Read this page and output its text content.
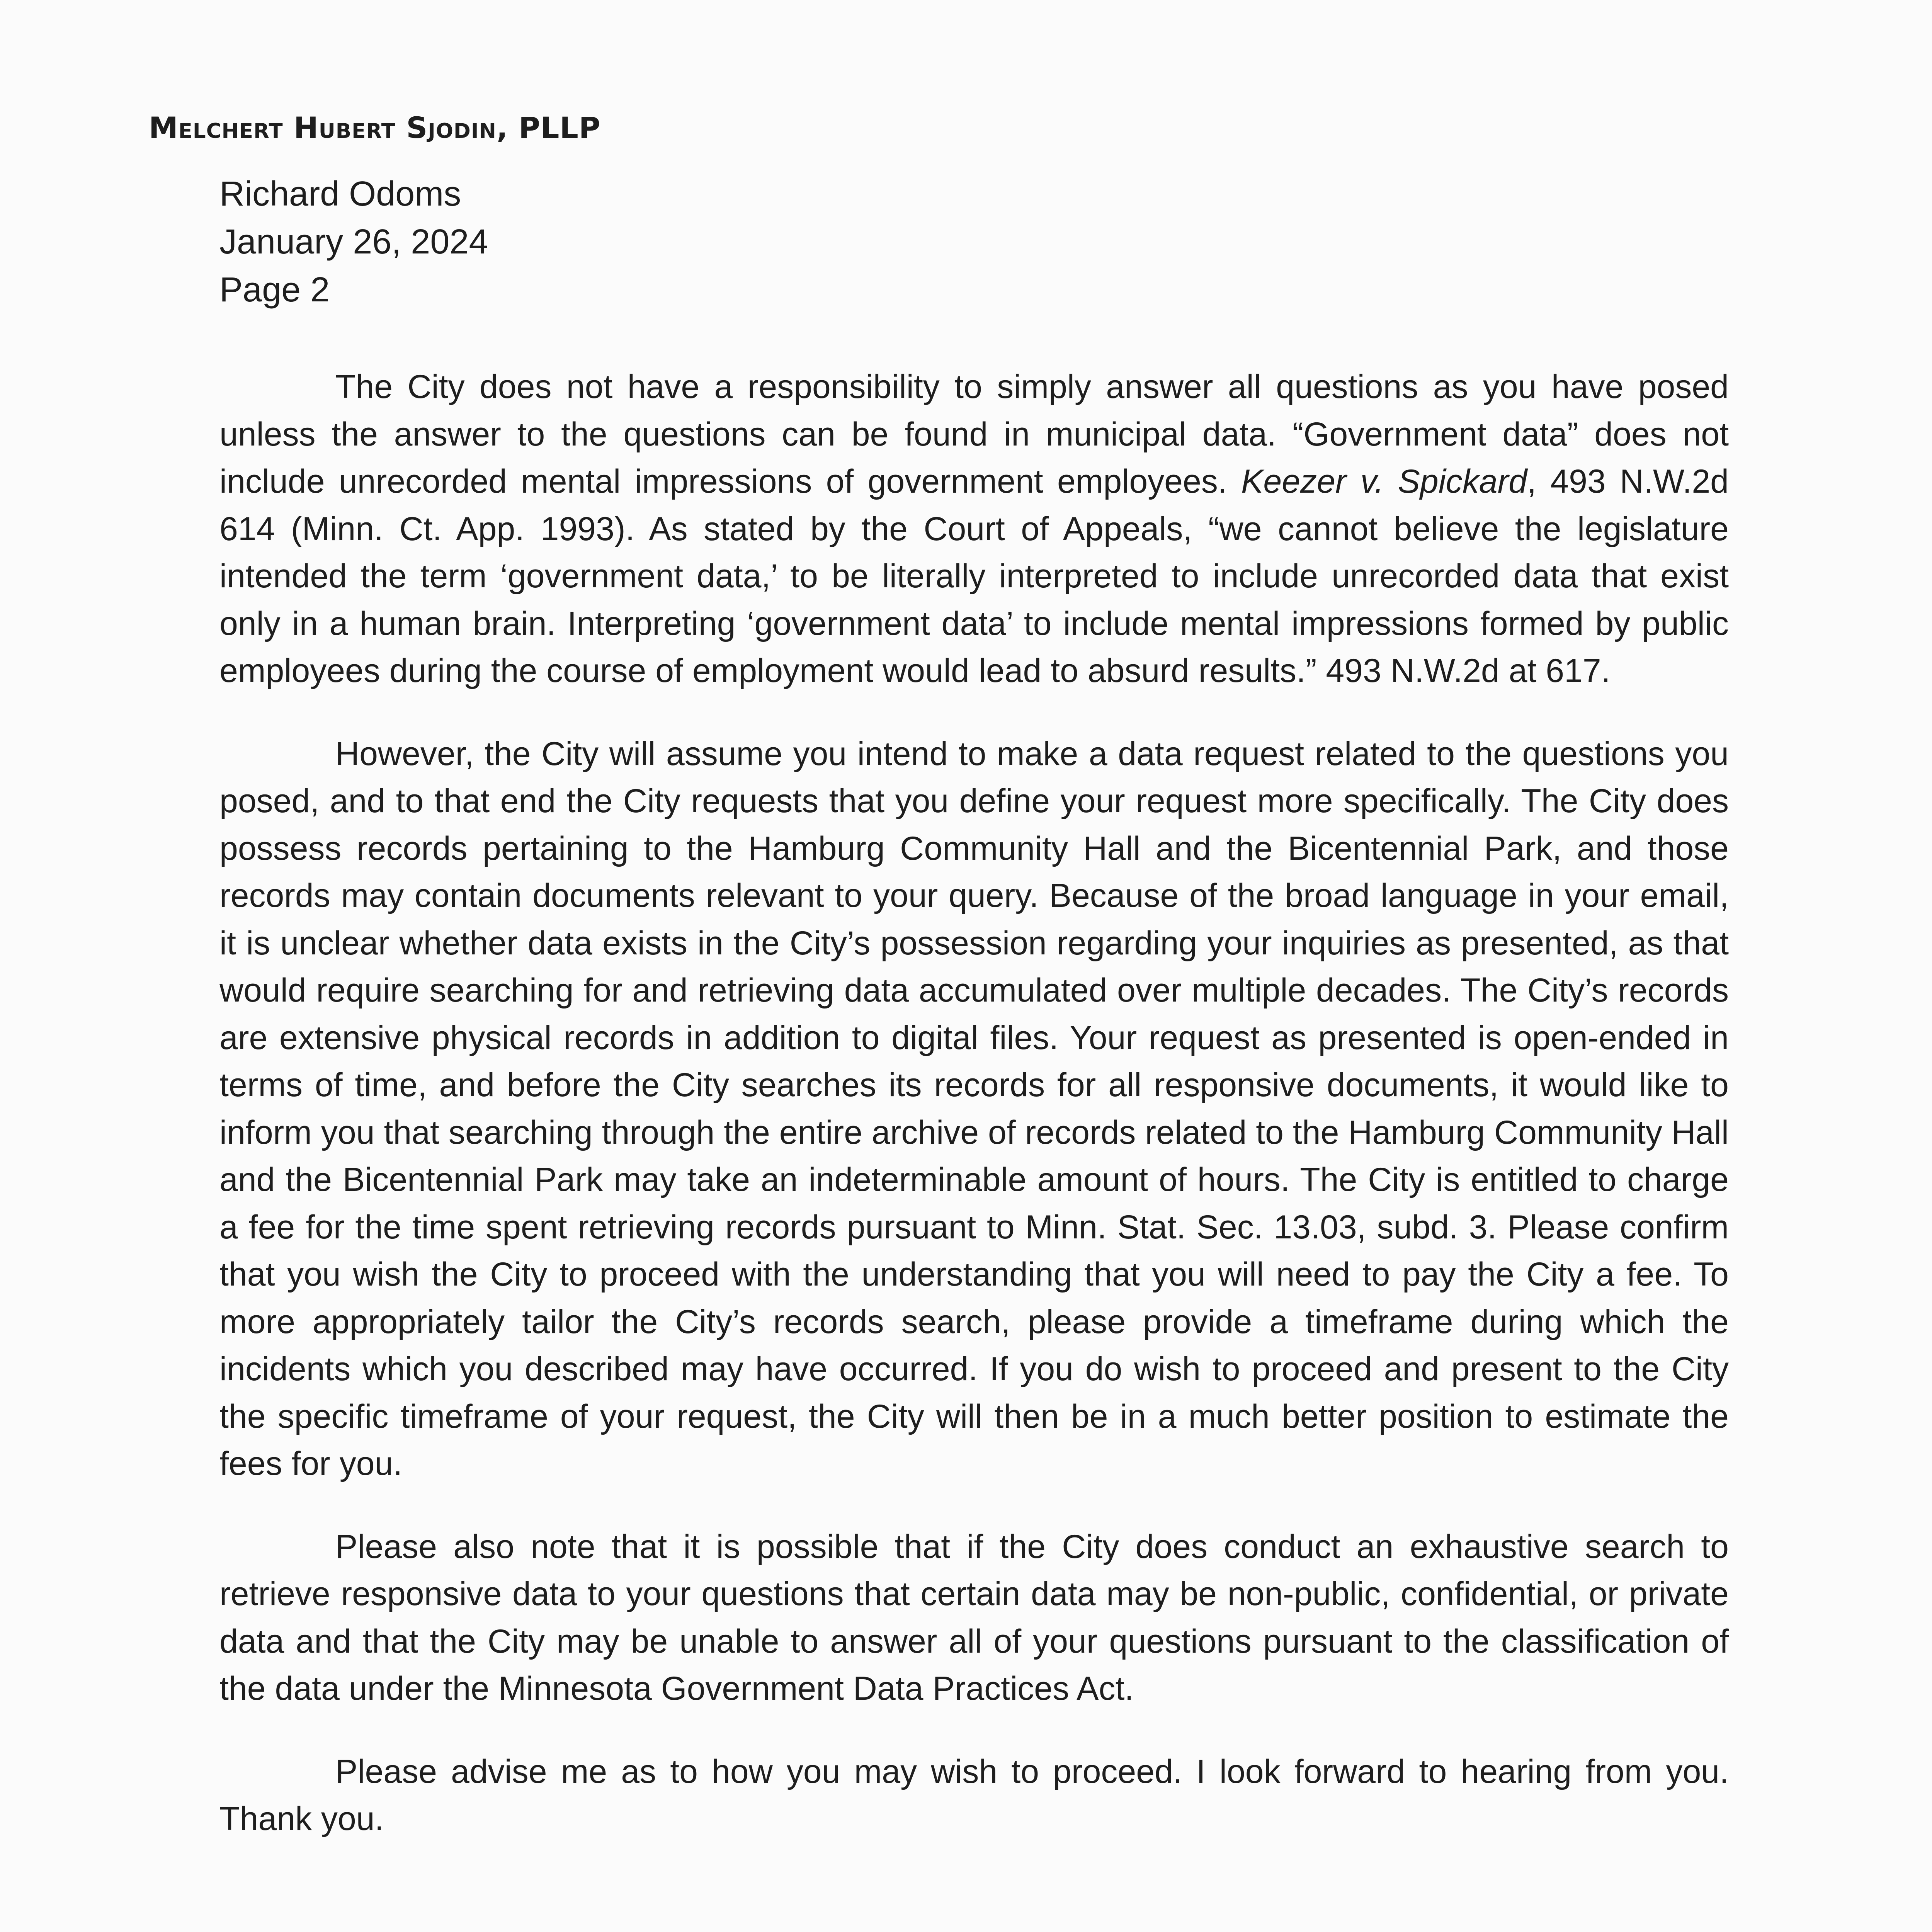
Melchert Hubert Sjodin, PLLP
Richard Odoms
January 26, 2024
Page 2

The City does not have a responsibility to simply answer all questions as you have posed unless the answer to the questions can be found in municipal data. “Government data” does not include unrecorded mental impressions of government employees. Keezer v. Spickard, 493 N.W.2d 614 (Minn. Ct. App. 1993). As stated by the Court of Appeals, “we cannot believe the legislature intended the term ‘government data,’ to be literally interpreted to include unrecorded data that exist only in a human brain. Interpreting ‘government data’ to include mental impressions formed by public employees during the course of employment would lead to absurd results.” 493 N.W.2d at 617.

However, the City will assume you intend to make a data request related to the questions you posed, and to that end the City requests that you define your request more specifically. The City does possess records pertaining to the Hamburg Community Hall and the Bicentennial Park, and those records may contain documents relevant to your query. Because of the broad language in your email, it is unclear whether data exists in the City’s possession regarding your inquiries as presented, as that would require searching for and retrieving data accumulated over multiple decades. The City’s records are extensive physical records in addition to digital files. Your request as presented is open-ended in terms of time, and before the City searches its records for all responsive documents, it would like to inform you that searching through the entire archive of records related to the Hamburg Community Hall and the Bicentennial Park may take an indeterminable amount of hours. The City is entitled to charge a fee for the time spent retrieving records pursuant to Minn. Stat. Sec. 13.03, subd. 3. Please confirm that you wish the City to proceed with the understanding that you will need to pay the City a fee. To more appropriately tailor the City’s records search, please provide a timeframe during which the incidents which you described may have occurred. If you do wish to proceed and present to the City the specific timeframe of your request, the City will then be in a much better position to estimate the fees for you.

Please also note that it is possible that if the City does conduct an exhaustive search to retrieve responsive data to your questions that certain data may be non-public, confidential, or private data and that the City may be unable to answer all of your questions pursuant to the classification of the data under the Minnesota Government Data Practices Act.

Please advise me as to how you may wish to proceed. I look forward to hearing from you. Thank you.
